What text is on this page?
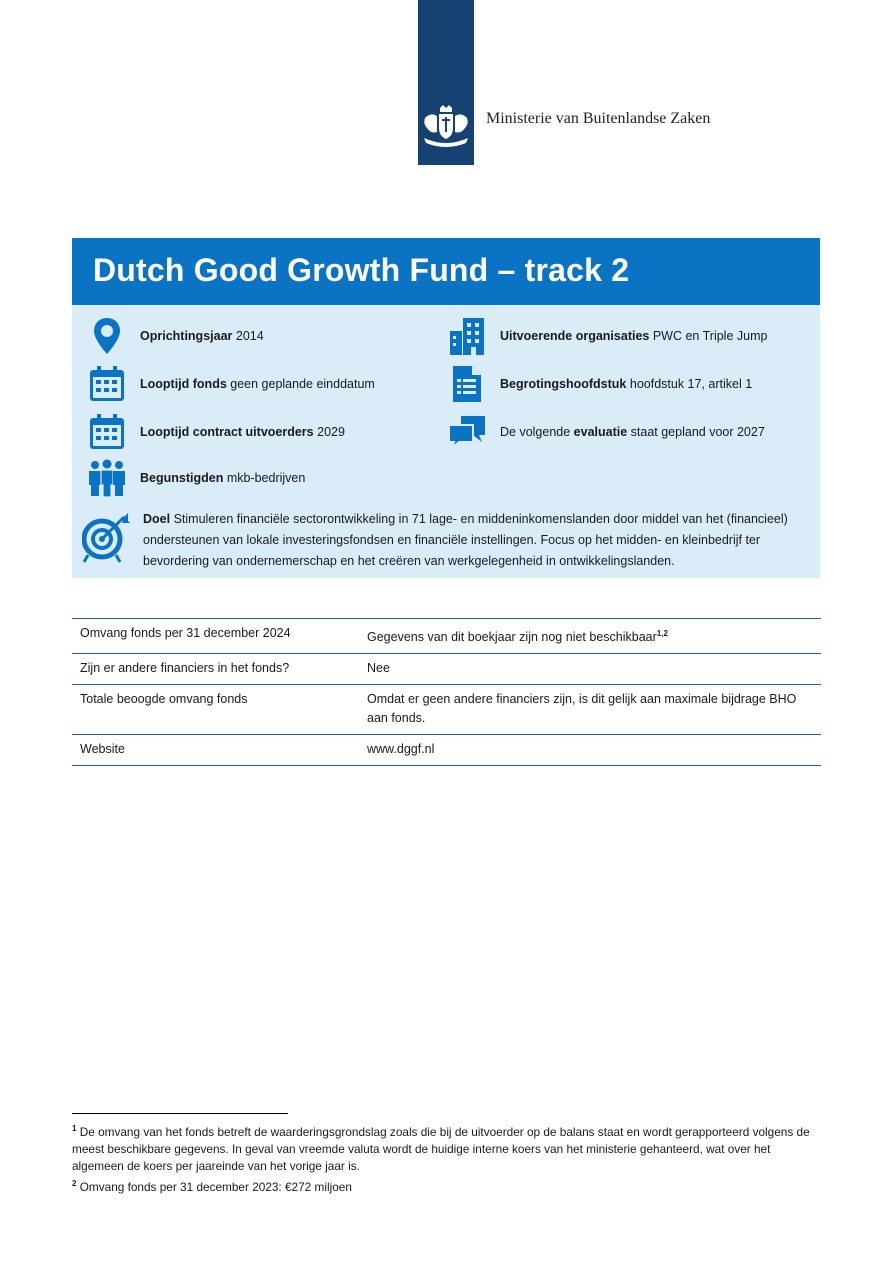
Ministerie van Buitenlandse Zaken
Dutch Good Growth Fund – track 2
Oprichtingsjaar 2014	Uitvoerende organisaties PWC en Triple Jump
Looptijd fonds geen geplande einddatum	Begrotingshoofdstuk hoofdstuk 17, artikel 1
Looptijd contract uitvoerders 2029	De volgende evaluatie staat gepland voor 2027
Begunstigden mkb-bedrijven
Doel Stimuleren financiële sectorontwikkeling in 71 lage- en middeninkomenslanden door middel van het (financieel) ondersteunen van lokale investeringsfondsen en financiële instellingen. Focus op het midden- en kleinbedrijf ter bevordering van ondernemerschap en het creëren van werkgelegenheid in ontwikkelingslanden.
Omvang fonds per 31 december 2024	Gegevens van dit boekjaar zijn nog niet beschikbaar$^{1,2}$
Zijn er andere financiers in het fonds?	Nee
Totale beoogde omvang fonds	Omdat er geen andere financiers zijn, is dit gelijk aan maximale bijdrage BHO aan fonds.
Website	www.dggf.nl

$^1$ De omvang van het fonds betreft de waarderingsgrondslag zoals die bij de uitvoerder op de balans staat en wordt gerapporteerd volgens de meest beschikbare gegevens. In geval van vreemde valuta wordt de huidige interne koers van het ministerie gehanteerd, wat over het algemeen de koers per jaareinde van het vorige jaar is.

$^2$ Omvang fonds per 31 december 2023: €272 miljoen
